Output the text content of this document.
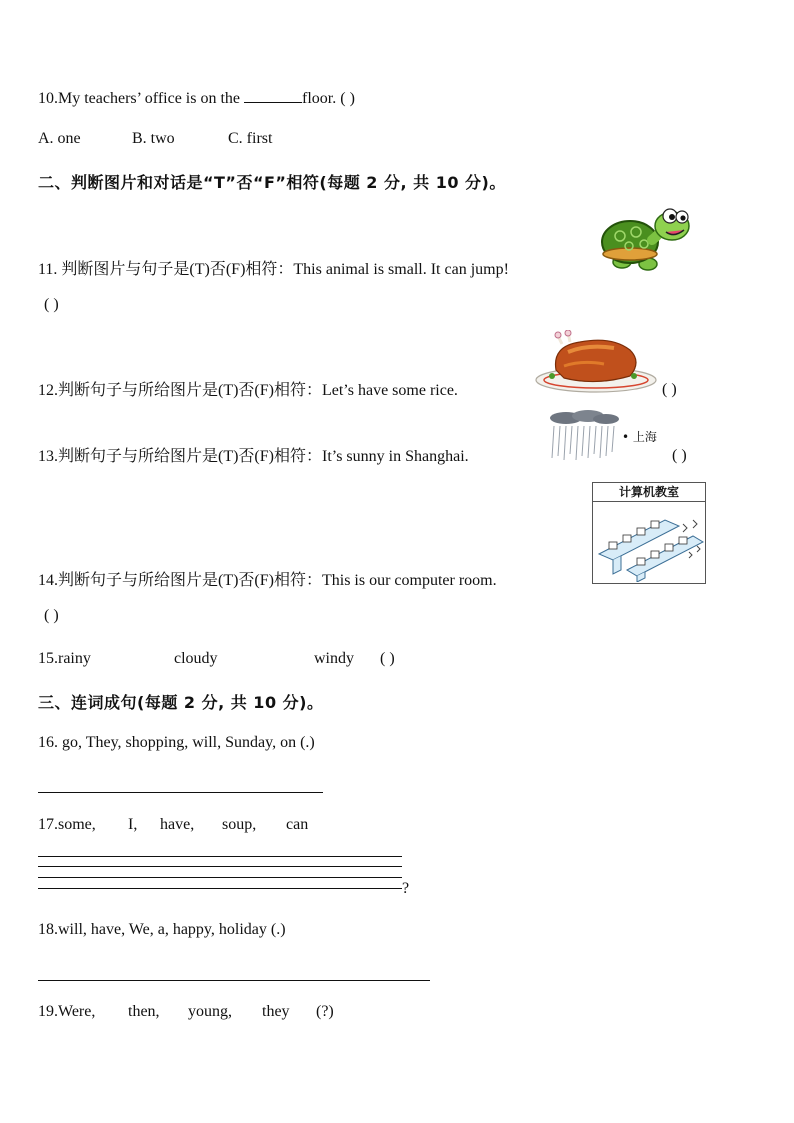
10.My teachers’ office is on the	floor. ( )
A. one	B. two	C. first
二、判断图片和对话是“T”否“F”相符(每题 2 分, 共 10 分)。
11. 判断图片与句子是(T)否(F)相符：This animal is small. It can jump!
( )
12.判断句子与所给图片是(T)否(F)相符：Let’s have some rice.	( )
13.判断句子与所给图片是(T)否(F)相符：It’s sunny in Shanghai.	( )
• 上海
14.判断句子与所给图片是(T)否(F)相符：This is our computer room.
( )
计算机教室
15.rainy	cloudy	windy ( )
三、连词成句(每题 2 分, 共 10 分)。
16. go, They, shopping, will, Sunday, on (.)
17.some, I, have, soup, can
?
18.will, have, We, a, happy, holiday (.)
19.Were, then, young, they (?)
